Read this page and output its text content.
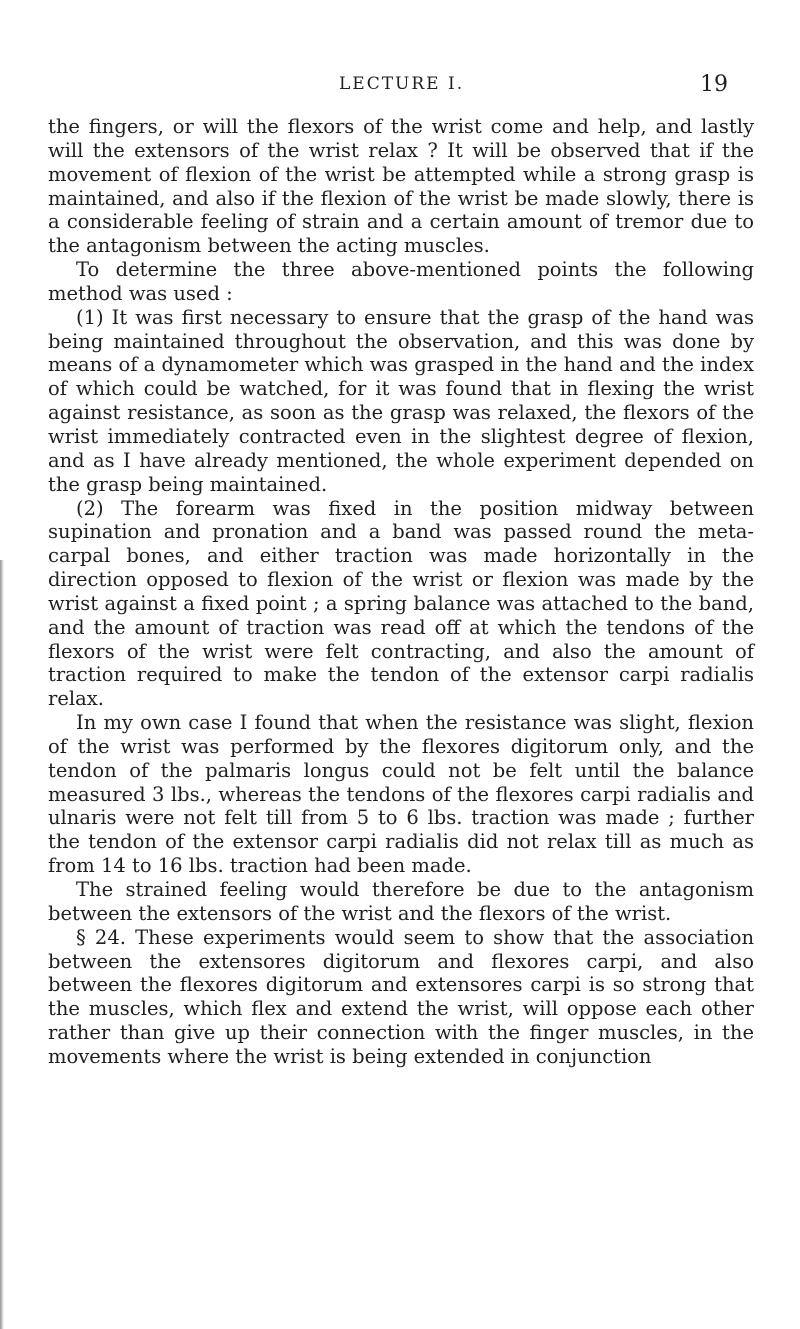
LECTURE I.	19

the fingers, or will the flexors of the wrist come and help, and lastly will the extensors of the wrist relax ? It will be observed that if the movement of flexion of the wrist be attempted while a strong grasp is maintained, and also if the flexion of the wrist be made slowly, there is a considerable feeling of strain and a certain amount of tremor due to the antagonism between the acting muscles.

To determine the three above-mentioned points the following method was used :

(1) It was first necessary to ensure that the grasp of the hand was being maintained throughout the observation, and this was done by means of a dynamometer which was grasped in the hand and the index of which could be watched, for it was found that in flexing the wrist against resistance, as soon as the grasp was relaxed, the flexors of the wrist immediately contracted even in the slightest degree of flexion, and as I have already mentioned, the whole experiment depended on the grasp being maintained.

(2) The forearm was fixed in the position midway between supination and pronation and a band was passed round the meta-carpal bones, and either traction was made horizontally in the direction opposed to flexion of the wrist or flexion was made by the wrist against a fixed point ; a spring balance was attached to the band, and the amount of traction was read off at which the tendons of the flexors of the wrist were felt contracting, and also the amount of traction required to make the tendon of the extensor carpi radialis relax.

In my own case I found that when the resistance was slight, flexion of the wrist was performed by the flexores digitorum only, and the tendon of the palmaris longus could not be felt until the balance measured 3 lbs., whereas the tendons of the flexores carpi radialis and ulnaris were not felt till from 5 to 6 lbs. traction was made ; further the tendon of the extensor carpi radialis did not relax till as much as from 14 to 16 lbs. traction had been made.

The strained feeling would therefore be due to the antagonism between the extensors of the wrist and the flexors of the wrist.

§ 24. These experiments would seem to show that the association between the extensores digitorum and flexores carpi, and also between the flexores digitorum and extensores carpi is so strong that the muscles, which flex and extend the wrist, will oppose each other rather than give up their connection with the finger muscles, in the movements where the wrist is being extended in conjunction
